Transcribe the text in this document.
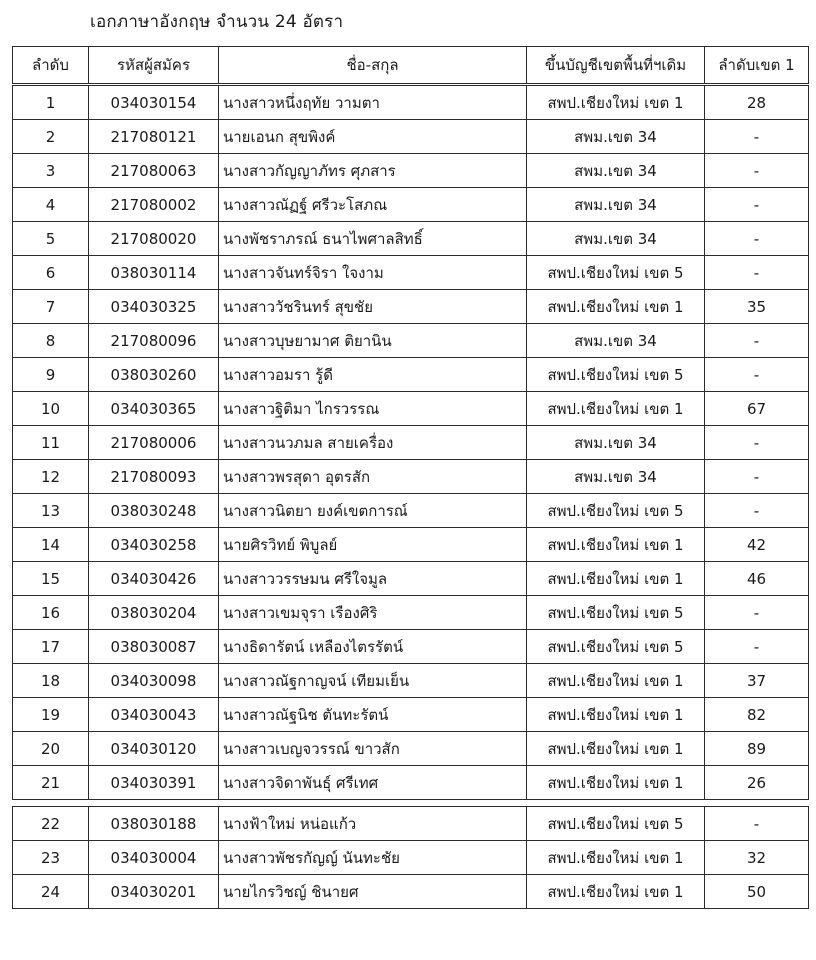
เอกภาษาอังกฤษ จำนวน 24 อัตรา
ลำดับ	รหัสผู้สมัคร	ชื่อ-สกุล	ขึ้นบัญชีเขตพื้นที่ฯเดิม	ลำดับเขต 1
1	034030154	นางสาวหนึ่งฤทัย วามตา	สพป.เชียงใหม่ เขต 1	28
2	217080121	นายเอนก สุขพิงค์	สพม.เขต 34	-
3	217080063	นางสาวกัญญาภัทร ศุภสาร	สพม.เขต 34	-
4	217080002	นางสาวณัฏฐ์ ศรีวะโสภณ	สพม.เขต 34	-
5	217080020	นางพัชราภรณ์ ธนาไพศาลสิทธิ์	สพม.เขต 34	-
6	038030114	นางสาวจันทร์จิรา ใจงาม	สพป.เชียงใหม่ เขต 5	-
7	034030325	นางสาววัชรินทร์ สุขชัย	สพป.เชียงใหม่ เขต 1	35
8	217080096	นางสาวบุษยามาศ ติยานิน	สพม.เขต 34	-
9	038030260	นางสาวอมรา รู้ดี	สพป.เชียงใหม่ เขต 5	-
10	034030365	นางสาวฐิติมา ไกรวรรณ	สพป.เชียงใหม่ เขต 1	67
11	217080006	นางสาวนวภมล สายเครื่อง	สพม.เขต 34	-
12	217080093	นางสาวพรสุดา อุตรสัก	สพม.เขต 34	-
13	038030248	นางสาวนิตยา ยงค์เขตการณ์	สพป.เชียงใหม่ เขต 5	-
14	034030258	นายศิรวิทย์ พิบูลย์	สพป.เชียงใหม่ เขต 1	42
15	034030426	นางสาววรรษมน ศรีใจมูล	สพป.เชียงใหม่ เขต 1	46
16	038030204	นางสาวเขมจุรา เรืองศิริ	สพป.เชียงใหม่ เขต 5	-
17	038030087	นางธิดารัตน์ เหลืองไตรรัตน์	สพป.เชียงใหม่ เขต 5	-
18	034030098	นางสาวณัฐกาญจน์ เทียมเย็น	สพป.เชียงใหม่ เขต 1	37
19	034030043	นางสาวณัฐนิช ตันทะรัตน์	สพป.เชียงใหม่ เขต 1	82
20	034030120	นางสาวเบญจวรรณ์ ขาวสัก	สพป.เชียงใหม่ เขต 1	89
21	034030391	นางสาวจิดาพันธุ์ ศรีเทศ	สพป.เชียงใหม่ เขต 1	26

22	038030188	นางฟ้าใหม่ หน่อแก้ว	สพป.เชียงใหม่ เขต 5	-
23	034030004	นางสาวพัชรกัญญ์ นันทะชัย	สพป.เชียงใหม่ เขต 1	32
24	034030201	นายไกรวิชญ์ ชินายศ	สพป.เชียงใหม่ เขต 1	50
